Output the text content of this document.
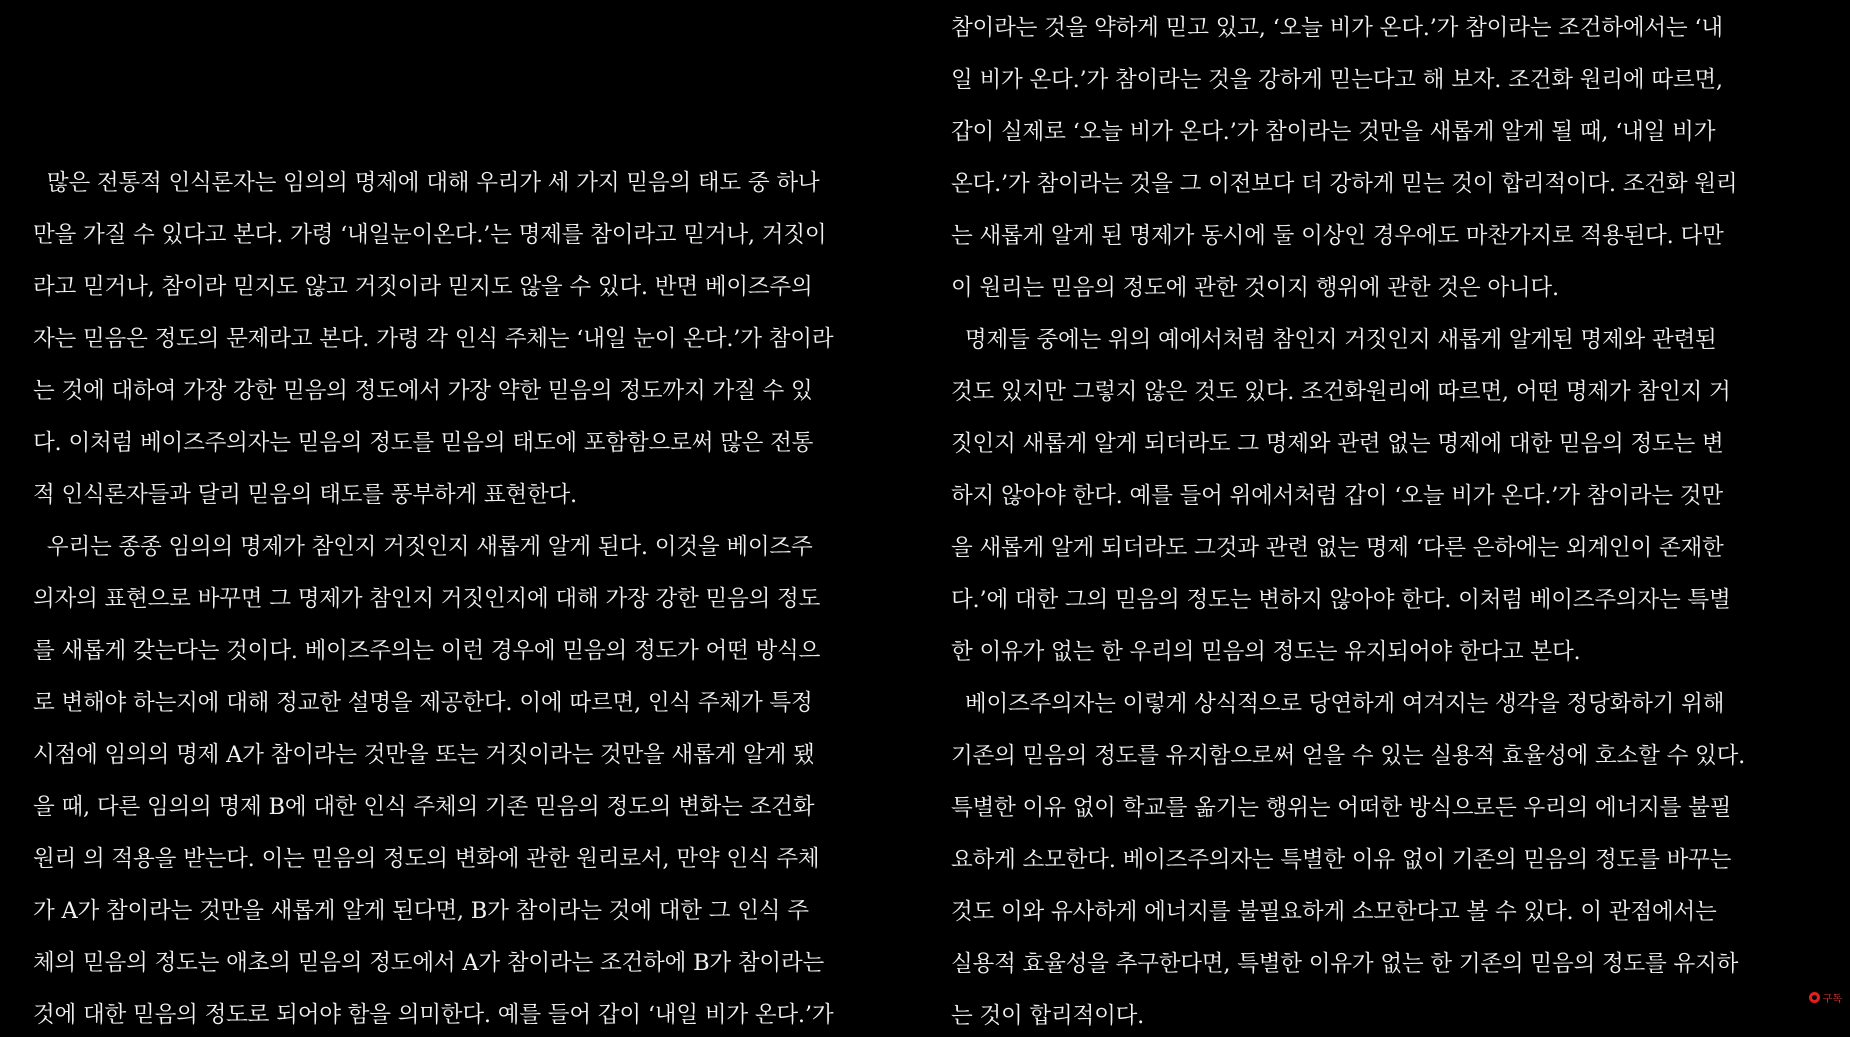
많은 전통적 인식론자는 임의의 명제에 대해 우리가 세 가지 믿음의 태도 중 하나
만을 가질 수 있다고 본다. 가령 ‘내일눈이온다.’는 명제를 참이라고 믿거나, 거짓이
라고 믿거나, 참이라 믿지도 않고 거짓이라 믿지도 않을 수 있다. 반면 베이즈주의
자는 믿음은 정도의 문제라고 본다. 가령 각 인식 주체는 ‘내일 눈이 온다.’가 참이라
는 것에 대하여 가장 강한 믿음의 정도에서 가장 약한 믿음의 정도까지 가질 수 있
다. 이처럼 베이즈주의자는 믿음의 정도를 믿음의 태도에 포함함으로써 많은 전통
적 인식론자들과 달리 믿음의 태도를 풍부하게 표현한다.
우리는 종종 임의의 명제가 참인지 거짓인지 새롭게 알게 된다. 이것을 베이즈주
의자의 표현으로 바꾸면 그 명제가 참인지 거짓인지에 대해 가장 강한 믿음의 정도
를 새롭게 갖는다는 것이다. 베이즈주의는 이런 경우에 믿음의 정도가 어떤 방식으
로 변해야 하는지에 대해 정교한 설명을 제공한다. 이에 따르면, 인식 주체가 특정
시점에 임의의 명제 A가 참이라는 것만을 또는 거짓이라는 것만을 새롭게 알게 됐
을 때, 다른 임의의 명제 B에 대한 인식 주체의 기존 믿음의 정도의 변화는 조건화
원리 의 적용을 받는다. 이는 믿음의 정도의 변화에 관한 원리로서, 만약 인식 주체
가 A가 참이라는 것만을 새롭게 알게 된다면, B가 참이라는 것에 대한 그 인식 주
체의 믿음의 정도는 애초의 믿음의 정도에서 A가 참이라는 조건하에 B가 참이라는
것에 대한 믿음의 정도로 되어야 함을 의미한다. 예를 들어 갑이 ‘내일 비가 온다.’가
참이라는 것을 약하게 믿고 있고, ‘오늘 비가 온다.’가 참이라는 조건하에서는 ‘내
일 비가 온다.’가 참이라는 것을 강하게 믿는다고 해 보자. 조건화 원리에 따르면,
갑이 실제로 ‘오늘 비가 온다.’가 참이라는 것만을 새롭게 알게 될 때, ‘내일 비가
온다.’가 참이라는 것을 그 이전보다 더 강하게 믿는 것이 합리적이다. 조건화 원리
는 새롭게 알게 된 명제가 동시에 둘 이상인 경우에도 마찬가지로 적용된다. 다만
이 원리는 믿음의 정도에 관한 것이지 행위에 관한 것은 아니다.
명제들 중에는 위의 예에서처럼 참인지 거짓인지 새롭게 알게된 명제와 관련된
것도 있지만 그렇지 않은 것도 있다. 조건화원리에 따르면, 어떤 명제가 참인지 거
짓인지 새롭게 알게 되더라도 그 명제와 관련 없는 명제에 대한 믿음의 정도는 변
하지 않아야 한다. 예를 들어 위에서처럼 갑이 ‘오늘 비가 온다.’가 참이라는 것만
을 새롭게 알게 되더라도 그것과 관련 없는 명제 ‘다른 은하에는 외계인이 존재한
다.’에 대한 그의 믿음의 정도는 변하지 않아야 한다. 이처럼 베이즈주의자는 특별
한 이유가 없는 한 우리의 믿음의 정도는 유지되어야 한다고 본다.
베이즈주의자는 이렇게 상식적으로 당연하게 여겨지는 생각을 정당화하기 위해
기존의 믿음의 정도를 유지함으로써 얻을 수 있는 실용적 효율성에 호소할 수 있다.
특별한 이유 없이 학교를 옮기는 행위는 어떠한 방식으로든 우리의 에너지를 불필
요하게 소모한다. 베이즈주의자는 특별한 이유 없이 기존의 믿음의 정도를 바꾸는
것도 이와 유사하게 에너지를 불필요하게 소모한다고 볼 수 있다. 이 관점에서는
실용적 효율성을 추구한다면, 특별한 이유가 없는 한 기존의 믿음의 정도를 유지하
는 것이 합리적이다.
구독
